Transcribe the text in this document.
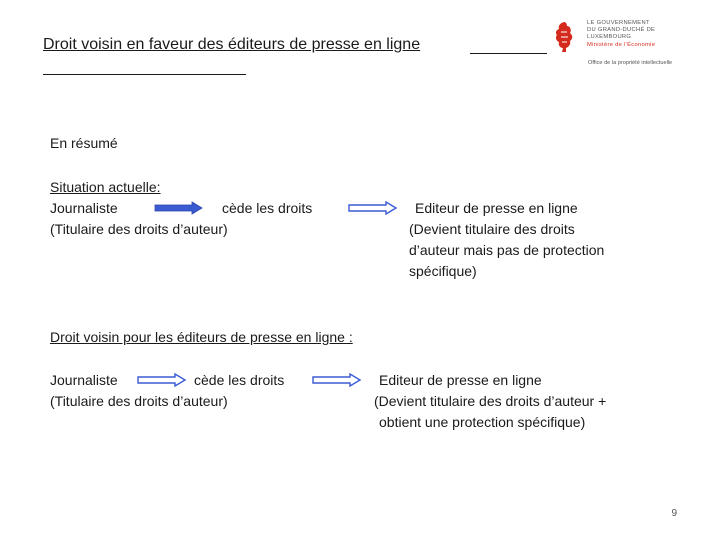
Droit voisin en faveur des éditeurs de presse en ligne
LE GOUVERNEMENT
DU GRAND-DUCHÉ DE LUXEMBOURG
Ministère de l'Économie
Office de la propriété intellectuelle
En résumé
Situation actuelle:
Journaliste
(Titulaire des droits d’auteur)
cède les droits	Editeur de presse en ligne
(Devient titulaire des droits
d’auteur mais pas de protection
spécifique)
Droit voisin pour les éditeurs de presse en ligne :
Journaliste
(Titulaire des droits d’auteur)
cède les droits	Editeur de presse en ligne
(Devient titulaire des droits d’auteur +
obtient une protection spécifique)
9
